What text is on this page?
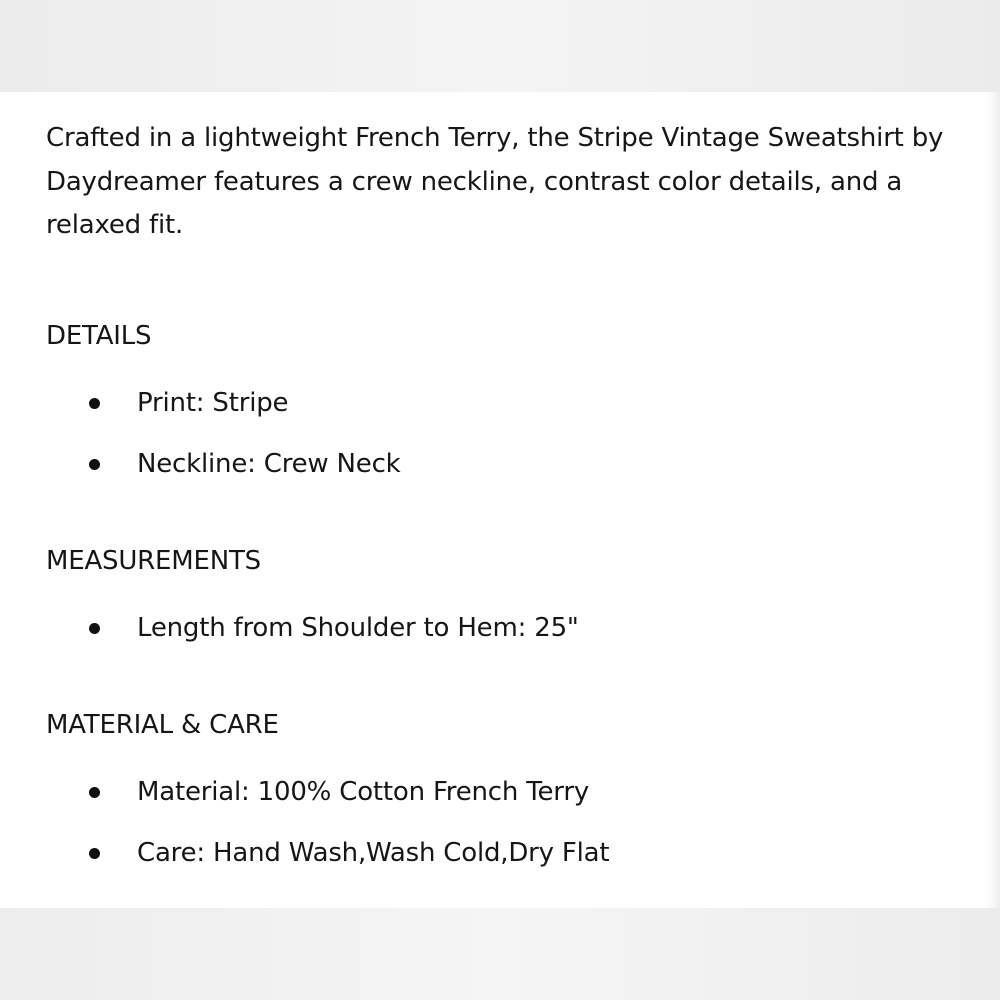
Crafted in a lightweight French Terry, the Stripe Vintage Sweatshirt by Daydreamer features a crew neckline, contrast color details, and a relaxed fit.

DETAILS
Print: Stripe
Neckline: Crew Neck
MEASUREMENTS
Length from Shoulder to Hem: 25"
MATERIAL & CARE
Material: 100% Cotton French Terry
Care: Hand Wash,Wash Cold,Dry Flat
